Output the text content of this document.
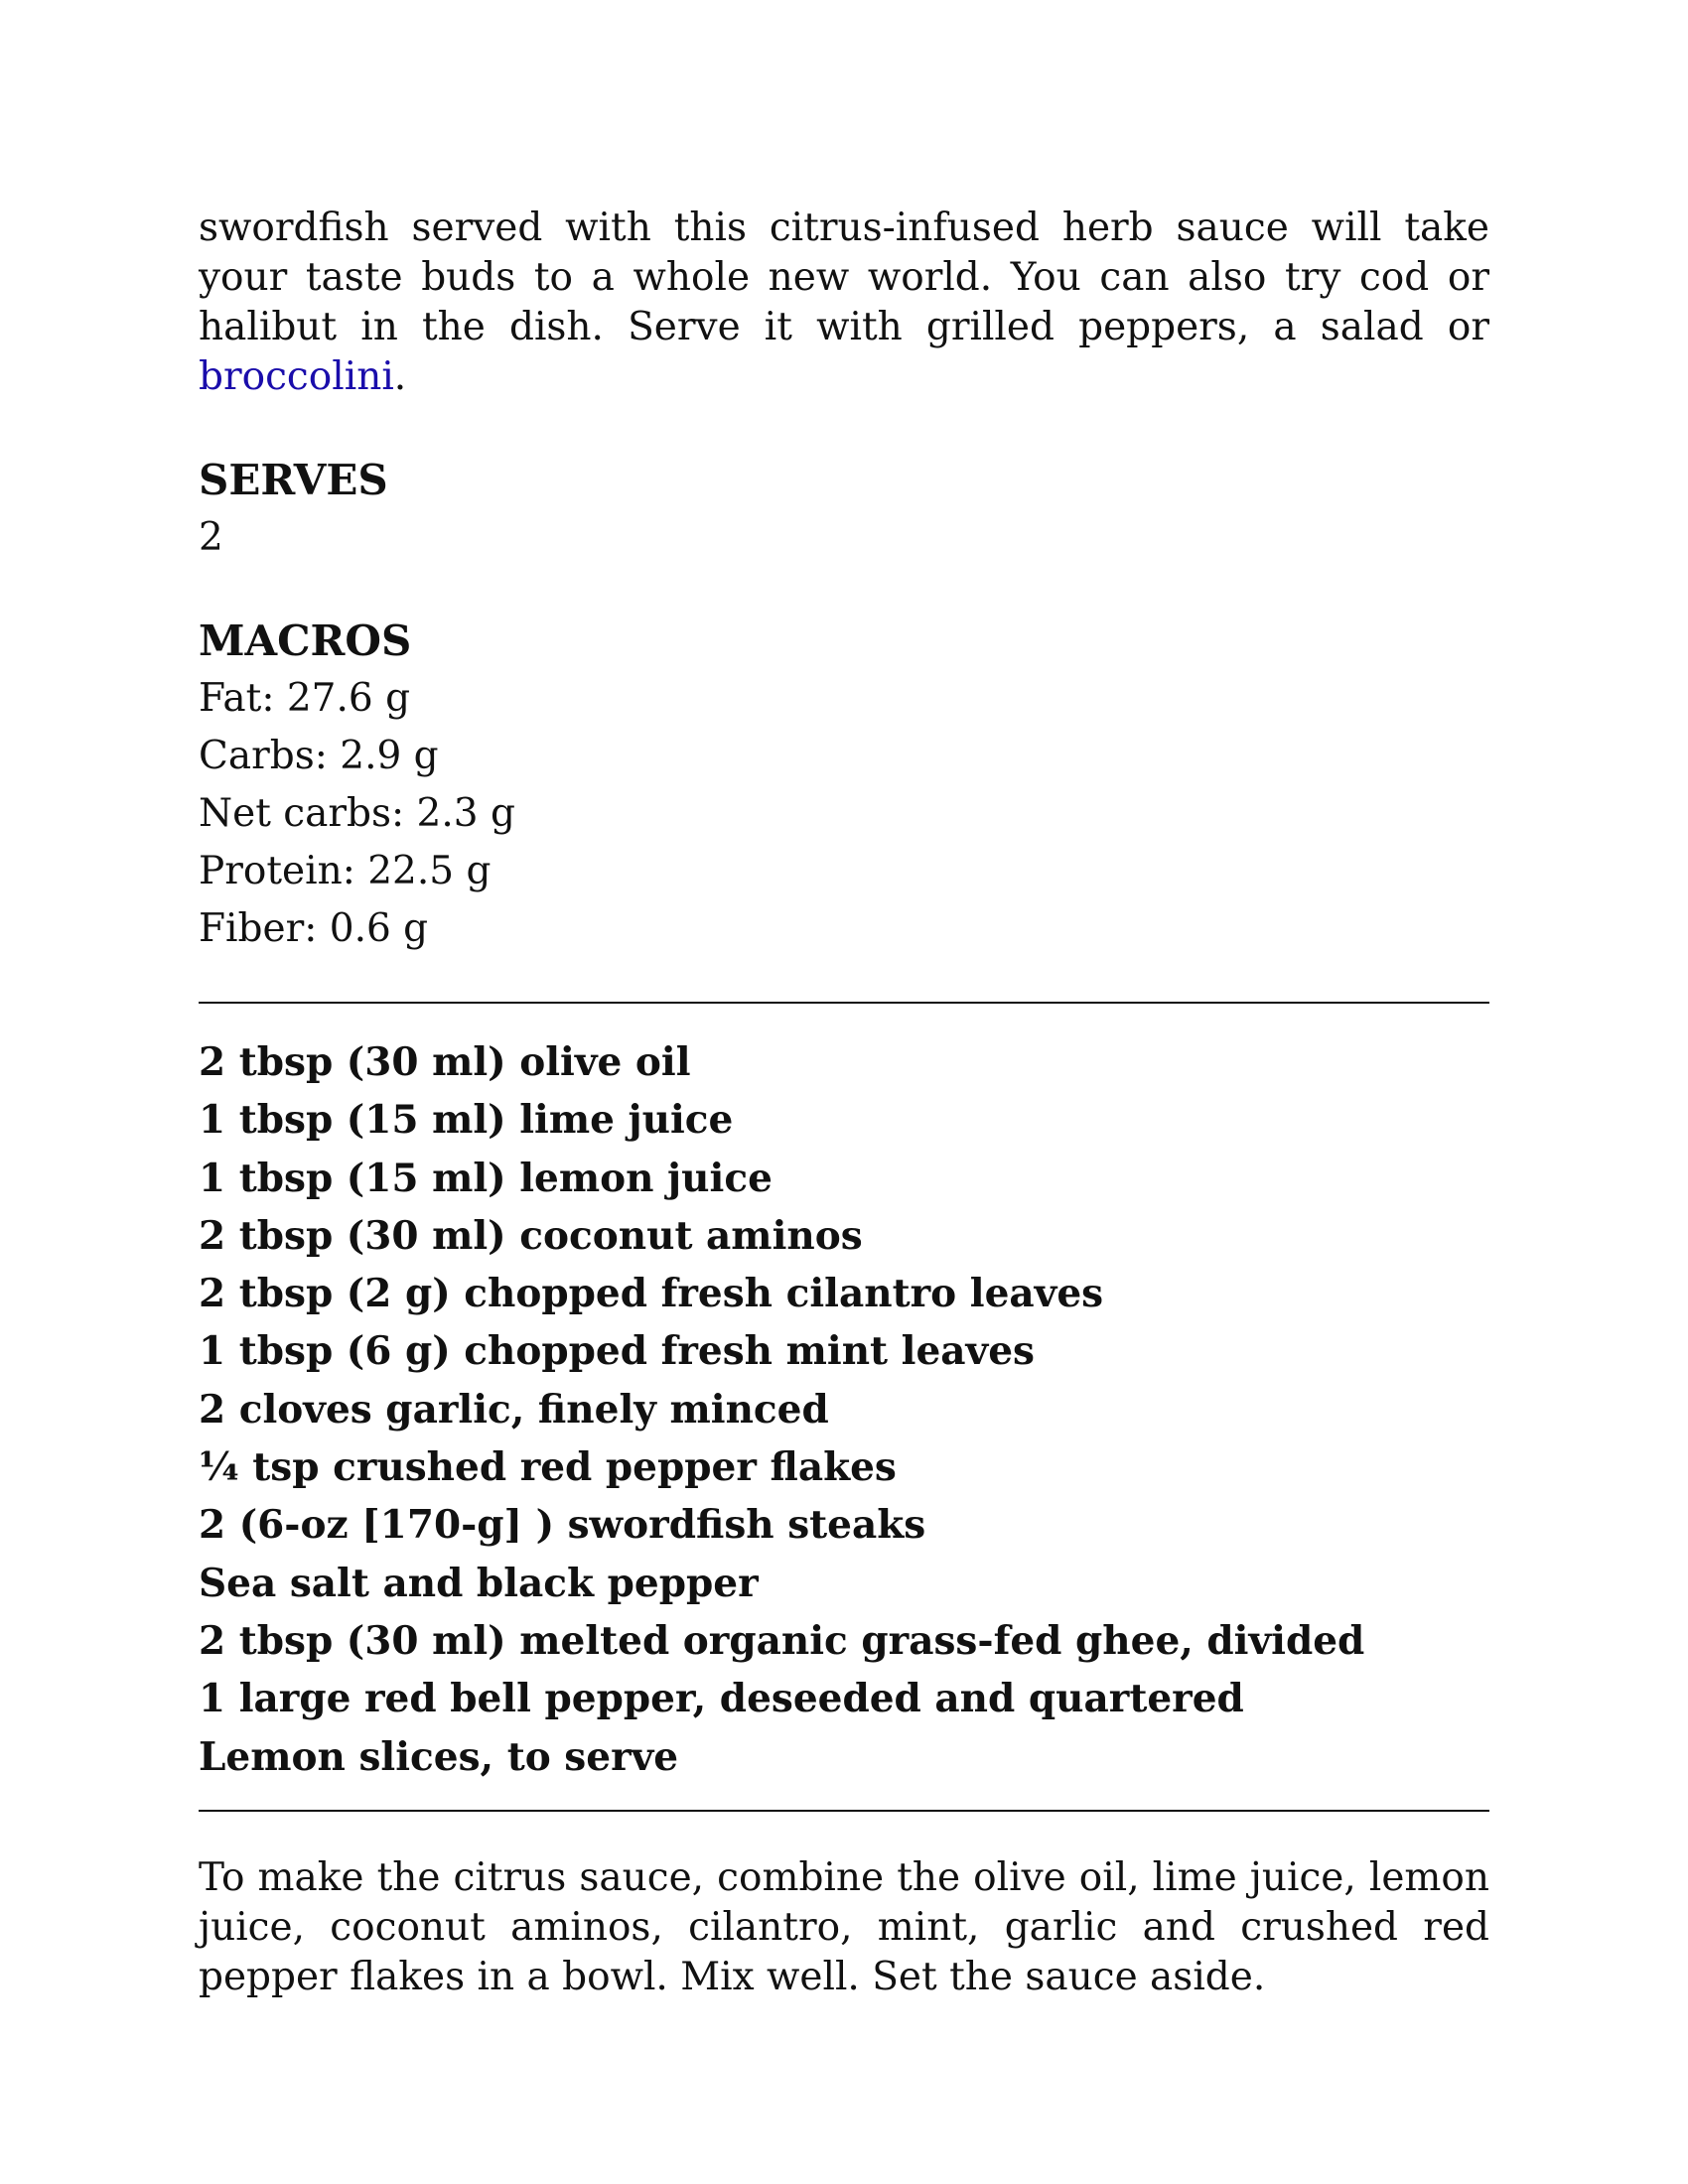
swordfish served with this citrus-infused herb sauce will take your taste buds to a whole new world. You can also try cod or halibut in the dish. Serve it with grilled peppers, a salad or broccolini.

SERVES

2

MACROS

Fat: 27.6 g

Carbs: 2.9 g

Net carbs: 2.3 g

Protein: 22.5 g

Fiber: 0.6 g

2 tbsp (30 ml) olive oil
1 tbsp (15 ml) lime juice
1 tbsp (15 ml) lemon juice
2 tbsp (30 ml) coconut aminos
2 tbsp (2 g) chopped fresh cilantro leaves
1 tbsp (6 g) chopped fresh mint leaves
2 cloves garlic, finely minced
¼ tsp crushed red pepper flakes
2 (6-oz [170-g] ) swordfish steaks
Sea salt and black pepper
2 tbsp (30 ml) melted organic grass-fed ghee, divided
1 large red bell pepper, deseeded and quartered
Lemon slices, to serve

To make the citrus sauce, combine the olive oil, lime juice, lemon juice, coconut aminos, cilantro, mint, garlic and crushed red pepper flakes in a bowl. Mix well. Set the sauce aside.
